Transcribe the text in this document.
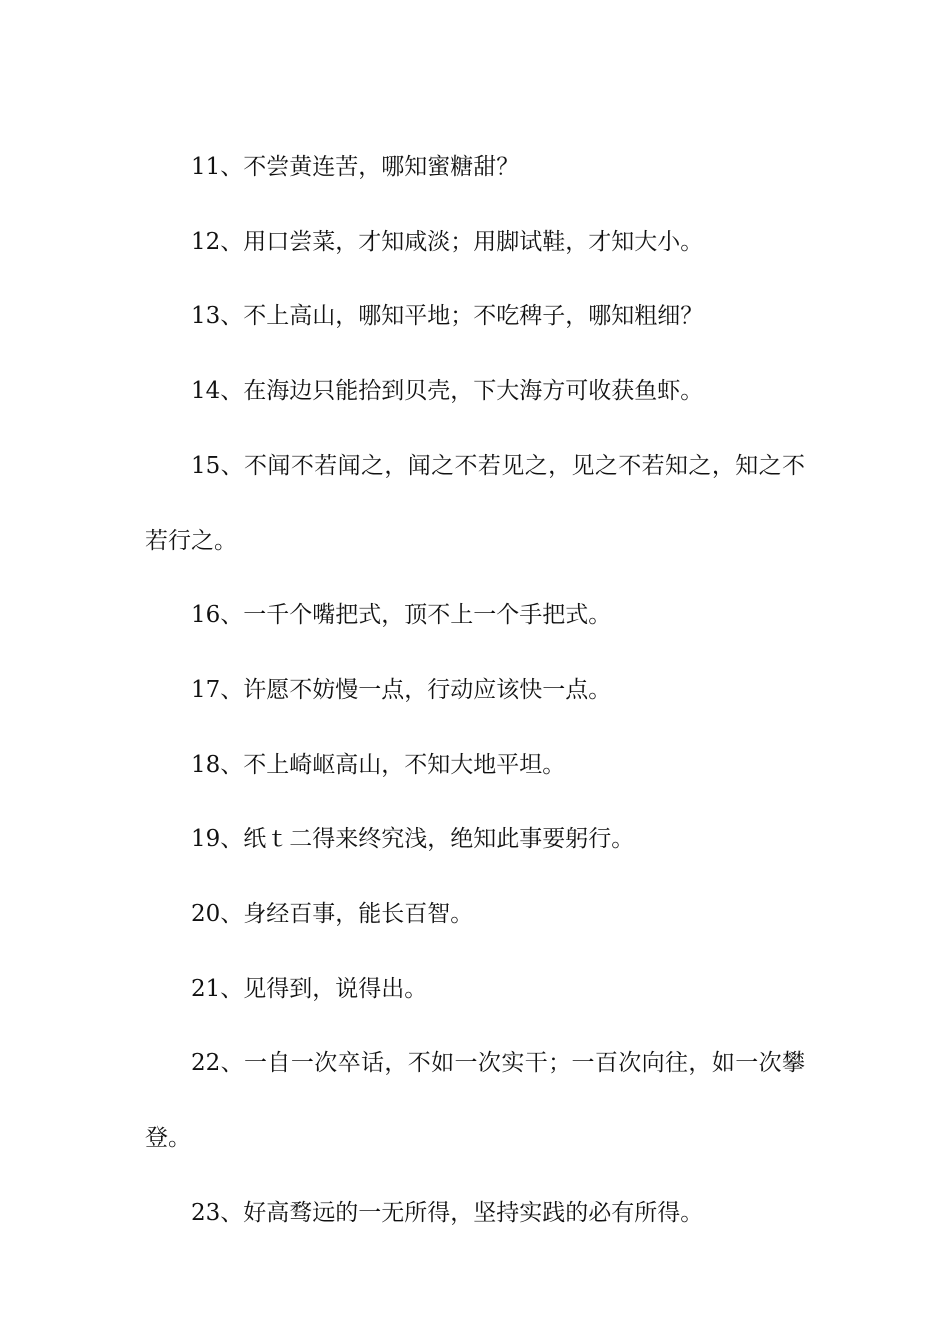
11、不尝黄连苦，哪知蜜糖甜？

12、用口尝菜，才知咸淡；用脚试鞋，才知大小。

13、不上高山，哪知平地；不吃稗子，哪知粗细？

14、在海边只能拾到贝壳，下大海方可收获鱼虾。

15、不闻不若闻之，闻之不若见之，见之不若知之，知之不若行之。

16、一千个嘴把式，顶不上一个手把式。

17、许愿不妨慢一点，行动应该快一点。

18、不上崎岖高山，不知大地平坦。

19、纸ｔ二得来终究浅，绝知此事要躬行。

20、身经百事，能长百智。

21、见得到，说得出。

22、一自一次卒话，不如一次实干；一百次向往，如一次攀登。

23、好高骛远的一无所得，坚持实践的必有所得。
